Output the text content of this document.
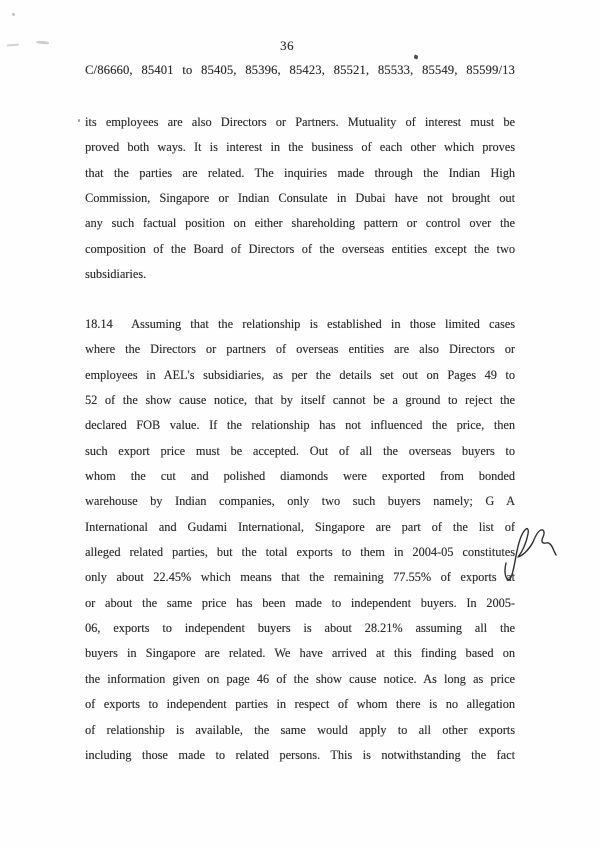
36
C/86660, 85401 to 85405, 85396, 85423, 85521, 85533, 85549, 85599/13
its employees are also Directors or Partners. Mutuality of interest must be
proved both ways. It is interest in the business of each other which proves
that the parties are related. The inquiries made through the Indian High
Commission, Singapore or Indian Consulate in Dubai have not brought out
any such factual position on either shareholding pattern or control over the
composition of the Board of Directors of the overseas entities except the two
subsidiaries.
18.14  Assuming that the relationship is established in those limited cases
where the Directors or partners of overseas entities are also Directors or
employees in AEL's subsidiaries, as per the details set out on Pages 49 to
52 of the show cause notice, that by itself cannot be a ground to reject the
declared FOB value. If the relationship has not influenced the price, then
such export price must be accepted. Out of all the overseas buyers to
whom the cut and polished diamonds were exported from bonded
warehouse by Indian companies, only two such buyers namely; G A
International and Gudami International, Singapore are part of the list of
alleged related parties, but the total exports to them in 2004-05 constitutes
only about 22.45% which means that the remaining 77.55% of exports at
or about the same price has been made to independent buyers. In 2005-
06, exports to independent buyers is about 28.21% assuming all the
buyers in Singapore are related. We have arrived at this finding based on
the information given on page 46 of the show cause notice. As long as price
of exports to independent parties in respect of whom there is no allegation
of relationship is available, the same would apply to all other exports
including those made to related persons. This is notwithstanding the fact
